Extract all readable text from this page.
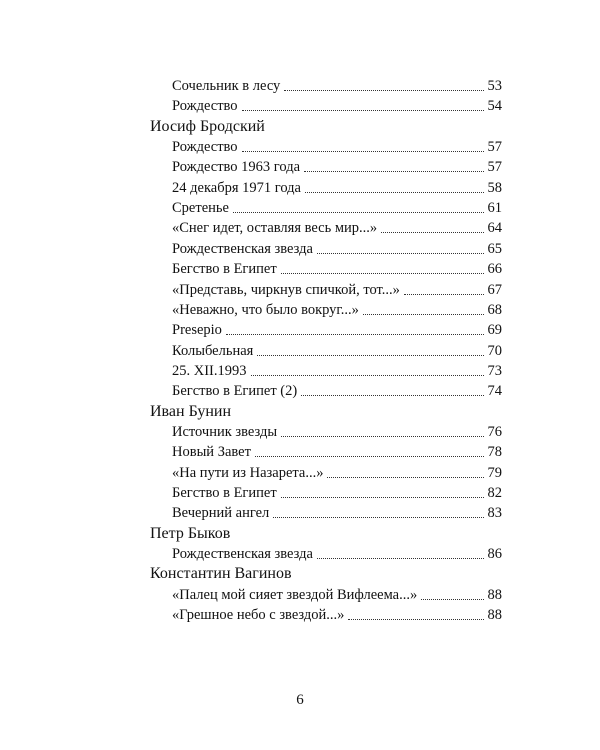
Сочельник в лесу	53
Рождество	54
Иосиф Бродский
Рождество	57
Рождество 1963 года	57
24 декабря 1971 года	58
Сретенье	61
«Снег идет, оставляя весь мир...»	64
Рождественская звезда	65
Бегство в Египет	66
«Представь, чиркнув спичкой, тот...»	67
«Неважно, что было вокруг...»	68
Presepio	69
Колыбельная	70
25. XII.1993	73
Бегство в Египет (2)	74
Иван Бунин
Источник звезды	76
Новый Завет	78
«На пути из Назарета...»	79
Бегство в Египет	82
Вечерний ангел	83
Петр Быков
Рождественская звезда	86
Константин Вагинов
«Палец мой сияет звездой Вифлеема...»	88
«Грешное небо с звездой...»	88
6
